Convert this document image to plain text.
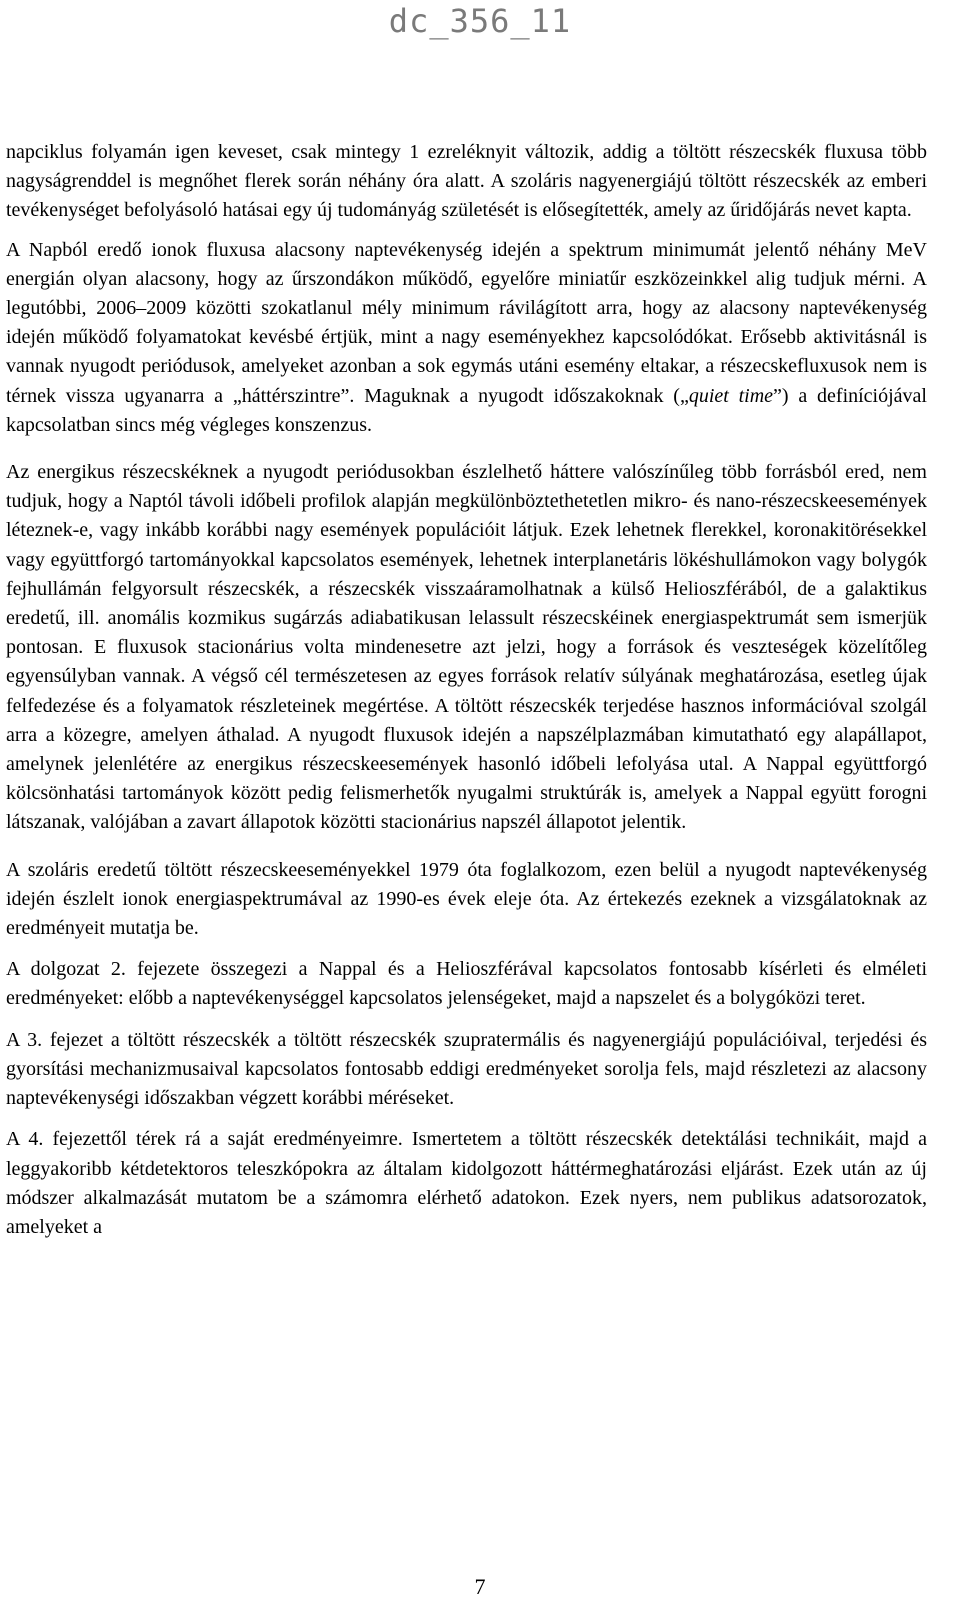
dc_356_11

napciklus folyamán igen keveset, csak mintegy 1 ezreléknyit változik, addig a töltött részecskék fluxusa több nagyságrenddel is megnőhet flerek során néhány óra alatt. A szoláris nagyenergiájú töltött részecskék az emberi tevékenységet befolyásoló hatásai egy új tudományág születését is elősegítették, amely az űridőjárás nevet kapta.

A Napból eredő ionok fluxusa alacsony naptevékenység idején a spektrum minimumát jelentő néhány MeV energián olyan alacsony, hogy az űrszondákon működő, egyelőre miniatűr eszközeinkkel alig tudjuk mérni. A legutóbbi, 2006–2009 közötti szokatlanul mély minimum rávilágított arra, hogy az alacsony naptevékenység idején működő folyamatokat kevésbé értjük, mint a nagy eseményekhez kapcsolódókat. Erősebb aktivitásnál is vannak nyugodt periódusok, amelyeket azonban a sok egymás utáni esemény eltakar, a részecskefluxusok nem is térnek vissza ugyanarra a „háttérszintre”. Maguknak a nyugodt időszakoknak („quiet time”) a definíciójával kapcsolatban sincs még végleges konszenzus.

Az energikus részecskéknek a nyugodt periódusokban észlelhető háttere valószínűleg több forrásból ered, nem tudjuk, hogy a Naptól távoli időbeli profilok alapján megkülönböztethetetlen mikro- és nano-részecskeesemények léteznek-e, vagy inkább korábbi nagy események populációit látjuk. Ezek lehetnek flerekkel, koronakitörésekkel vagy együttforgó tartományokkal kapcsolatos események, lehetnek interplanetáris lökéshullámokon vagy bolygók fejhullámán felgyorsult részecskék, a részecskék visszaáramolhatnak a külső Helioszférából, de a galaktikus eredetű, ill. anomális kozmikus sugárzás adiabatikusan lelassult részecskéinek energiaspektrumát sem ismerjük pontosan. E fluxusok stacionárius volta mindenesetre azt jelzi, hogy a források és veszteségek közelítőleg egyensúlyban vannak. A végső cél természetesen az egyes források relatív súlyának meghatározása, esetleg újak felfedezése és a folyamatok részleteinek megértése. A töltött részecskék terjedése hasznos információval szolgál arra a közegre, amelyen áthalad. A nyugodt fluxusok idején a napszélplazmában kimutatható egy alapállapot, amelynek jelenlétére az energikus részecskeesemények hasonló időbeli lefolyása utal. A Nappal együttforgó kölcsönhatási tartományok között pedig felismerhetők nyugalmi struktúrák is, amelyek a Nappal együtt forogni látszanak, valójában a zavart állapotok közötti stacionárius napszél állapotot jelentik.

A szoláris eredetű töltött részecskeeseményekkel 1979 óta foglalkozom, ezen belül a nyugodt naptevékenység idején észlelt ionok energiaspektrumával az 1990-es évek eleje óta. Az értekezés ezeknek a vizsgálatoknak az eredményeit mutatja be.

A dolgozat 2. fejezete összegezi a Nappal és a Helioszférával kapcsolatos fontosabb kísérleti és elméleti eredményeket: előbb a naptevékenységgel kapcsolatos jelenségeket, majd a napszelet és a bolygóközi teret.

A 3. fejezet a töltött részecskék a töltött részecskék szupratermális és nagyenergiájú populációival, terjedési és gyorsítási mechanizmusaival kapcsolatos fontosabb eddigi eredményeket sorolja fels, majd részletezi az alacsony naptevékenységi időszakban végzett korábbi méréseket.

A 4. fejezettől térek rá a saját eredményeimre. Ismertetem a töltött részecskék detektálási technikáit, majd a leggyakoribb kétdetektoros teleszkópokra az általam kidolgozott háttérmeghatározási eljárást. Ezek után az új módszer alkalmazását mutatom be a számomra elérhető adatokon. Ezek nyers, nem publikus adatsorozatok, amelyeket a

7
